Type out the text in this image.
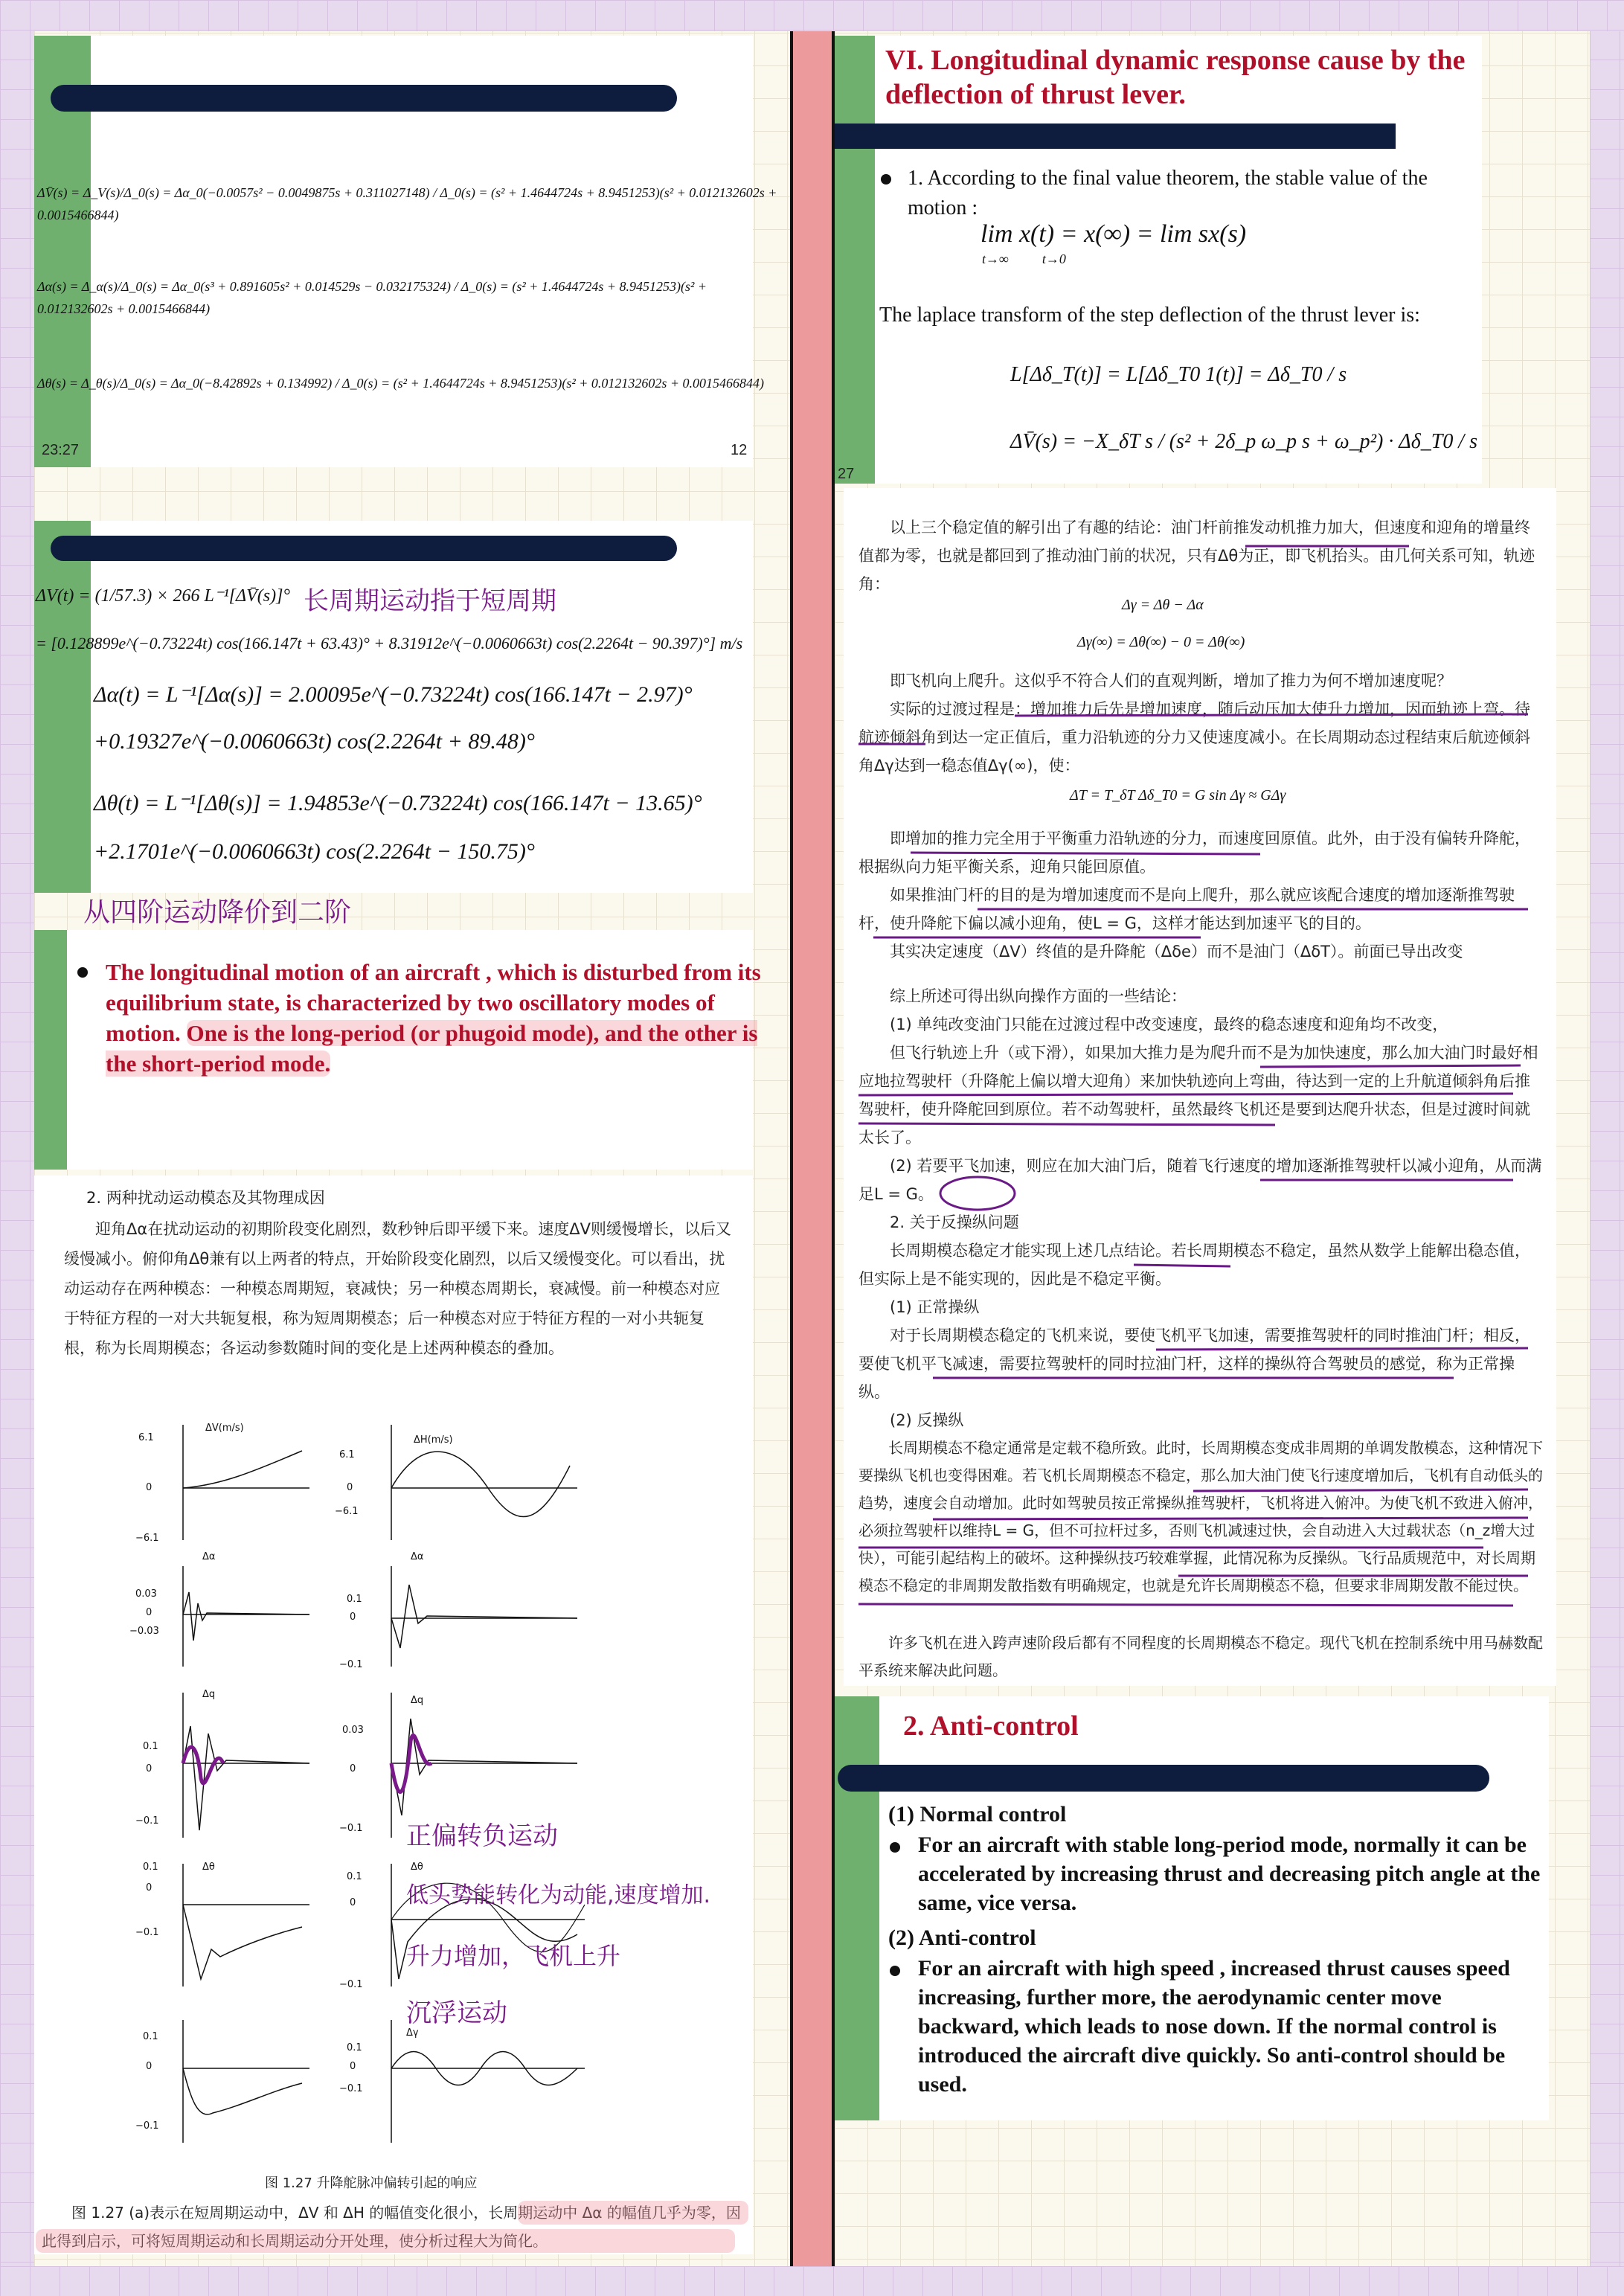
ΔV̄(s) = Δ_V(s)/Δ_0(s) = Δα_0(−0.0057s² − 0.0049875s + 0.311027148) / Δ_0(s) = (s² + 1.4644724s + 8.9451253)(s² + 0.012132602s + 0.0015466844)
Δα(s) = Δ_α(s)/Δ_0(s) = Δα_0(s³ + 0.891605s² + 0.014529s − 0.032175324) / Δ_0(s) = (s² + 1.4644724s + 8.9451253)(s² + 0.012132602s + 0.0015466844)
Δθ(s) = Δ_θ(s)/Δ_0(s) = Δα_0(−8.42892s + 0.134992) / Δ_0(s) = (s² + 1.4644724s + 8.9451253)(s² + 0.012132602s + 0.0015466844)
23:27	12
ΔV(t) = (1/57.3) × 266 L⁻¹[ΔV̄(s)]° 长周期运动指于短周期
= [0.128899e^(−0.73224t) cos(166.147t + 63.43)° + 8.31912e^(−0.0060663t) cos(2.2264t − 90.397)°] m/s
Δα(t) = L⁻¹[Δα(s)] = 2.00095e^(−0.73224t) cos(166.147t − 2.97)°
+0.19327e^(−0.0060663t) cos(2.2264t + 89.48)°
Δθ(t) = L⁻¹[Δθ(s)] = 1.94853e^(−0.73224t) cos(166.147t − 13.65)°
+2.1701e^(−0.0060663t) cos(2.2264t − 150.75)°
从四阶运动降价到二阶
The longitudinal motion of an aircraft , which is disturbed from its equilibrium state, is characterized by two oscillatory modes of motion. One is the long-period (or phugoid mode), and the other is the short-period mode.
2. 两种扰动运动模态及其物理成因
迎角Δα在扰动运动的初期阶段变化剧烈，数秒钟后即平缓下来。速度ΔV则缓慢增长，以后又缓慢减小。俯仰角Δθ兼有以上两者的特点，开始阶段变化剧烈，以后又缓慢变化。可以看出，扰动运动存在两种模态：一种模态周期短，衰减快；另一种模态周期长，衰减慢。前一种模态对应于特征方程的一对大共轭复根，称为短周期模态；后一种模态对应于特征方程的一对小共轭复根，称为长周期模态；各运动参数随时间的变化是上述两种模态的叠加。
ΔV(m/s)
6.1
0
−6.1
ΔH(m/s)
6.1
0
−6.1
Δα
0.03
0
−0.03
Δα
0.1
0
−0.1
Δq
0.1
0
−0.1
Δq
0.03
0
−0.1
Δθ
0.1
0
−0.1
Δθ
0.1
0
−0.1
0.1
0
−0.1
Δγ
0.1
0
−0.1
正偏转负运动
低头势能转化为动能,速度增加.
升力增加，飞机上升
沉浮运动
图 1.27 升降舵脉冲偏转引起的响应
图 1.27 (a)表示在短周期运动中，ΔV 和 ΔH 的幅值变化很小，长周期运动中 Δα 的幅值几乎为零，因此得到启示，可将短周期运动和长周期运动分开处理，使分析过程大为简化。
VI. Longitudinal dynamic response cause by the deflection of thrust lever.
1. According to the final value theorem, the stable value of the motion :
lim x(t) = x(∞) = lim sx(s)
t→∞          t→0
The laplace transform of the step deflection of the thrust lever is:
L[Δδ_T(t)] = L[Δδ_T0 1(t)] = Δδ_T0 / s
ΔV̄(s) = −X_δT s / (s² + 2δ_p ω_p s + ω_p²) · Δδ_T0 / s
27
以上三个稳定值的解引出了有趣的结论：油门杆前推发动机推力加大，但速度和迎角的增量终值都为零，也就是都回到了推动油门前的状况，只有Δθ为正，即飞机抬头。由几何关系可知，轨迹角：
Δγ = Δθ − Δα
Δγ(∞) = Δθ(∞) − 0 = Δθ(∞)
即飞机向上爬升。这似乎不符合人们的直观判断，增加了推力为何不增加速度呢？
实际的过渡过程是：增加推力后先是增加速度，随后动压加大使升力增加，因而轨迹上弯。待航迹倾斜角到达一定正值后，重力沿轨迹的分力又使速度减小。在长周期动态过程结束后航迹倾斜角Δγ达到一稳态值Δγ(∞)，使：
ΔT = T_δT Δδ_T0 = G sin Δγ ≈ GΔγ
即增加的推力完全用于平衡重力沿轨迹的分力，而速度回原值。此外，由于没有偏转升降舵，根据纵向力矩平衡关系，迎角只能回原值。
如果推油门杆的目的是为增加速度而不是向上爬升，那么就应该配合速度的增加逐渐推驾驶杆，使升降舵下偏以减小迎角，使L = G，这样才能达到加速平飞的目的。
其实决定速度（ΔV）终值的是升降舵（Δδe）而不是油门（ΔδT）。前面已导出改变
综上所述可得出纵向操作方面的一些结论：
(1) 单纯改变油门只能在过渡过程中改变速度，最终的稳态速度和迎角均不改变，
但飞行轨迹上升（或下滑），如果加大推力是为爬升而不是为加快速度，那么加大油门时最好相应地拉驾驶杆（升降舵上偏以增大迎角）来加快轨迹向上弯曲，待达到一定的上升航道倾斜角后推驾驶杆，使升降舵回到原位。若不动驾驶杆，虽然最终飞机还是要到达爬升状态，但是过渡时间就太长了。
(2) 若要平飞加速，则应在加大油门后，随着飞行速度的增加逐渐推驾驶杆以减小迎角，从而满足L = G。
2. 关于反操纵问题
长周期模态稳定才能实现上述几点结论。若长周期模态不稳定，虽然从数学上能解出稳态值，但实际上是不能实现的，因此是不稳定平衡。
(1) 正常操纵
对于长周期模态稳定的飞机来说，要使飞机平飞加速，需要推驾驶杆的同时推油门杆；相反，要使飞机平飞减速，需要拉驾驶杆的同时拉油门杆，这样的操纵符合驾驶员的感觉，称为正常操纵。
(2) 反操纵
长周期模态不稳定通常是定载不稳所致。此时，长周期模态变成非周期的单调发散模态，这种情况下要操纵飞机也变得困难。若飞机长周期模态不稳定，那么加大油门使飞行速度增加后，飞机有自动低头的趋势，速度会自动增加。此时如驾驶员按正常操纵推驾驶杆，飞机将进入俯冲。为使飞机不致进入俯冲，必须拉驾驶杆以维持L = G，但不可拉杆过多，否则飞机减速过快，会自动进入大过载状态（n_z增大过快），可能引起结构上的破坏。这种操纵技巧较难掌握，此情况称为反操纵。飞行品质规范中，对长周期模态不稳定的非周期发散指数有明确规定，也就是允许长周期模态不稳，但要求非周期发散不能过快。
许多飞机在进入跨声速阶段后都有不同程度的长周期模态不稳定。现代飞机在控制系统中用马赫数配平系统来解决此问题。
2. Anti-control
(1) Normal control
For an aircraft with stable long-period mode, normally it can be accelerated by increasing thrust and decreasing pitch angle at the same, vice versa.
(2) Anti-control
For an aircraft with high speed , increased thrust causes speed increasing, further more, the aerodynamic center move backward, which leads to nose down. If the normal control is introduced the aircraft dive quickly. So anti-control should be used.
